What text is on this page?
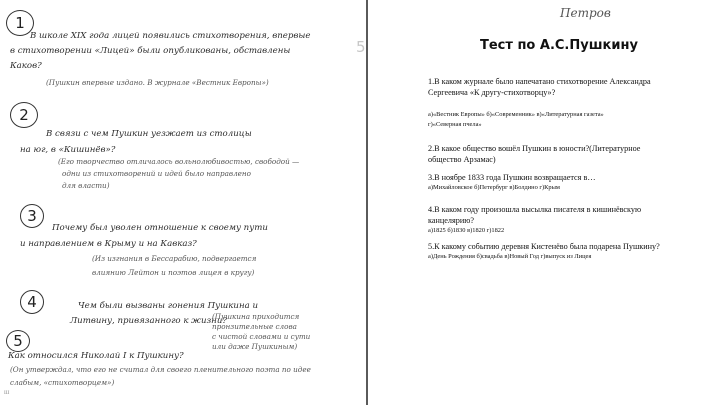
1
В школе XIX года лицей появились стихотворения, впервые
в стихотворении «Лицей» были опубликованы, обставлены
Каков?
(Пушкин впервые издано. В журнале «Вестник Европы»)
2
В связи с чем Пушкин уезжает из столицы
на юг, в «Кишинёв»?
(Его творчество отличалось вольнолюбивостью, свободой —
одни из стихотворений и идей было направлено
для власти)
3
Почему был уволен отношение к своему пути
и направлением в Крыму и на Кавказ?
(Из изгнания в Бессарабию, подвергается
влиянию Лейтон и поэтов лицея в кругу)
4	Чем были вызваны гонения Пушкина и
Литвину, привязанного к жизни?
(Пушкина приходится
пронзительные слова
с чистой словами и сути
или даже Пушкиным)
5
Как относился Николай I к Пушкину?
(Он утверждал, что его не считал для своего пленительного поэта по идее
слабым, «стихотворцем»)
5
ш
Петров
Тест по А.С.Пушкину
1.В каком журнале было напечатано стихотворение Александра
Сергеевича «К другу-стихотворцу»?
а)«Вестник Европы» б)«Современник» в)«Литературная газета»
г)«Северная пчела»
2.В какое общество вошёл Пушкин в юности?(Литературное
общество Арзамас)
3.В ноябре 1833 года Пушкин возвращается в…
а)Михайловское б)Петербург в)Болдино г)Крым
4.В каком году произошла высылка писателя в кишинёвскую
канцелярию?
а)1825 б)1830 в)1820 г)1822
5.К какому событию деревня Кистенёво была подарена Пушкину?
а)День Рождения б)свадьба в)Новый Год г)выпуск из Лицея
